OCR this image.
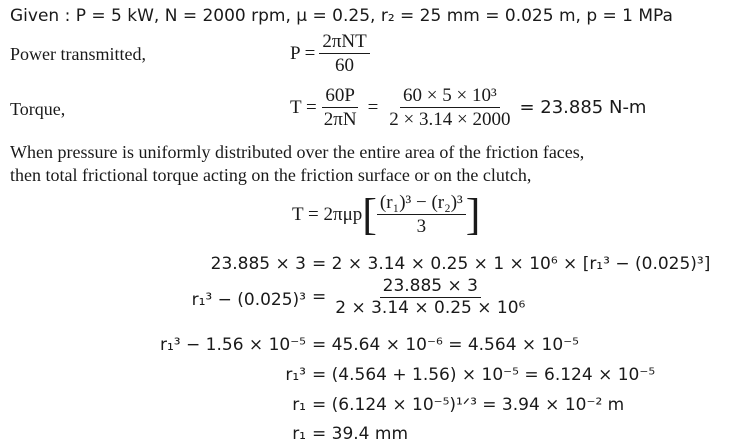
Given : P = 5 kW, N = 2000 rpm, μ = 0.25, r₂ = 25 mm = 0.025 m, p = 1 MPa
Power transmitted,	$P = \frac{\text{2πNT}}{60}$
Torque,	$T = \frac{60P}{2\pi N} = \frac{\text{60 × 5 × 10³}}{2 \times 3.14 \times 2000} = 23.885$ N-m
When pressure is uniformly distributed over the entire area of the friction faces,
then total frictional torque acting on the friction surface or on the clutch,
T = 2πμp [ $\frac{\text{(r₁)³ − (r₂)³}}{3}$ ]
23.885 × 3 = 2 × 3.14 × 0.25 × 1 × 10⁶ × [r₁³ − (0.025)³]
$r_1^3 - (0.025)^3 = \frac{23.885 \times 3}{\text{2 × 3.14 × 0.25 × 10⁶}}$
r₁³ − 1.56 × 10⁻⁵ = 45.64 × 10⁻⁶ = 4.564 × 10⁻⁵
r₁³ = (4.564 + 1.56) × 10⁻⁵ = 6.124 × 10⁻⁵
r₁ = (6.124 × 10⁻⁵)¹ᐟ³ = 3.94 × 10⁻² m
r₁ = 39.4 mm
